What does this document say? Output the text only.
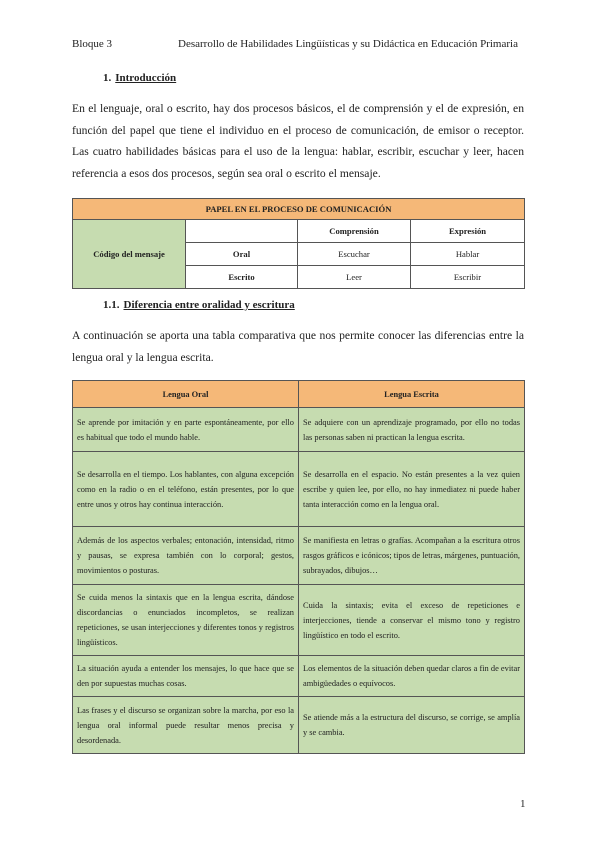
Bloque 3	Desarrollo de Habilidades Lingüísticas y su Didáctica en Educación Primaria
1. Introducción
En el lenguaje, oral o escrito, hay dos procesos básicos, el de comprensión y el de expresión, en función del papel que tiene el individuo en el proceso de comunicación, de emisor o receptor. Las cuatro habilidades básicas para el uso de la lengua: hablar, escribir, escuchar y leer, hacen referencia a esos dos procesos, según sea oral o escrito el mensaje.
PAPEL EN EL PROCESO DE COMUNICACIÓN			
Código del mensaje		Comprensión	Expresión
	Oral	Escuchar	Hablar
	Escrito	Leer	Escribir
1.1. Diferencia entre oralidad y escritura
A continuación se aporta una tabla comparativa que nos permite conocer las diferencias entre la lengua oral y la lengua escrita.
Lengua Oral	Lengua Escrita
Se aprende por imitación y en parte espontáneamente, por ello es habitual que todo el mundo hable.	Se adquiere con un aprendizaje programado, por ello no todas las personas saben ni practican la lengua escrita.
Se desarrolla en el tiempo. Los hablantes, con alguna excepción como en la radio o en el teléfono, están presentes, por lo que entre unos y otros hay continua interacción.	Se desarrolla en el espacio. No están presentes a la vez quien escribe y quien lee, por ello, no hay inmediatez ni puede haber tanta interacción como en la lengua oral.
Además de los aspectos verbales; entonación, intensidad, ritmo y pausas, se expresa también con lo corporal; gestos, movimientos o posturas.	Se manifiesta en letras o grafías. Acompañan a la escritura otros rasgos gráficos e icónicos; tipos de letras, márgenes, puntuación, subrayados, dibujos…
Se cuida menos la sintaxis que en la lengua escrita, dándose discordancias o enunciados incompletos, se realizan repeticiones, se usan interjecciones y diferentes tonos y registros lingüísticos.	Cuida la sintaxis; evita el exceso de repeticiones e interjecciones, tiende a conservar el mismo tono y registro lingüístico en todo el escrito.
La situación ayuda a entender los mensajes, lo que hace que se den por supuestas muchas cosas.	Los elementos de la situación deben quedar claros a fin de evitar ambigüedades o equívocos.
Las frases y el discurso se organizan sobre la marcha, por eso la lengua oral informal puede resultar menos precisa y desordenada.	Se atiende más a la estructura del discurso, se corrige, se amplía y se cambia.
1
